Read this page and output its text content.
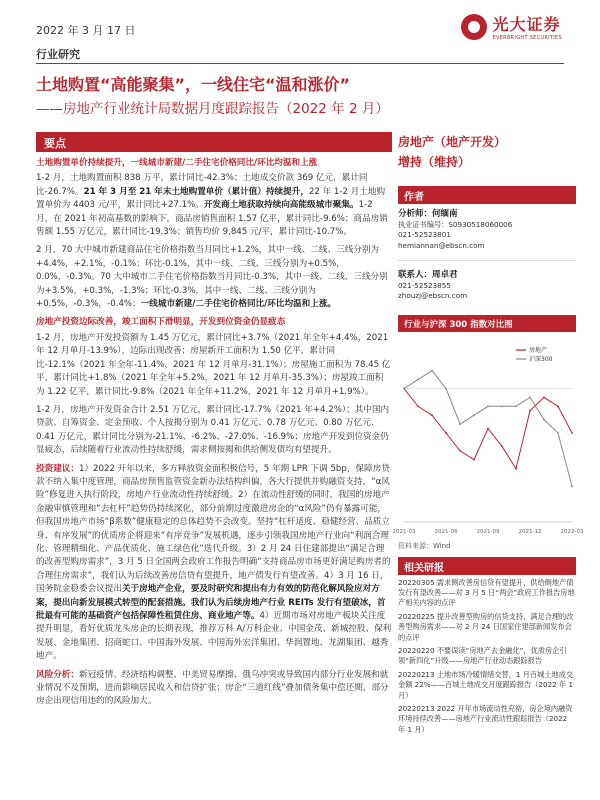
2022 年 3 月 17 日	光大证券
EVERBRIGHT SECURITIES
行业研究
土地购置“高能聚集”，一线住宅“温和涨价”
——房地产行业统计局数据月度跟踪报告（2022 年 2 月）
要点
土地购置单价持续提升，一线城市新建/二手住宅价格同比/环比均温和上涨

1-2 月，土地购置面积 838 万平，累计同比-42.3%；土地成交价款 369 亿元，累计同比-26.7%。21 年 3 月至 21 年末土地购置单价（累计值）持续提升，22 年 1-2 月土地购置单价为 4403 元/平，累计同比+27.1%。开发商土地获取持续向高能级城市聚集。1-2 月，在 2021 年初高基数的影响下，商品房销售面积 1.57 亿平，累计同比-9.6%；商品房销售额 1.55 万亿元，累计同比-19.3%；销售均价 9,845 元/平，累计同比-10.7%。

2 月，70 大中城市新建商品住宅价格指数当月同比+1.2%，其中一线、二线、三线分别为+4.4%，+2.1%，-0.1%；环比-0.1%，其中一线、二线、三线分别为+0.5%，0.0%，-0.3%。70 大中城市二手住宅价格指数当月同比-0.3%，其中一线、二线、三线分别为+3.5%，+0.3%，-1.3%；环比-0.3%，其中一线、二线、三线分别为+0.5%，-0.3%，-0.4%；一线城市新建/二手住宅价格同比/环比均温和上涨。

房地产投资边际改善，竣工面积下滑明显，开发到位资金仍显疲态

1-2 月，房地产开发投资额为 1.45 万亿元，累计同比+3.7%（2021 年全年+4.4%，2021 年 12 月单月-13.9%），边际出现改善；房屋新开工面积为 1.50 亿平，累计同比-12.1%（2021 年全年-11.4%，2021 年 12 月单月-31.1%）；房屋施工面积为 78.45 亿平，累计同比+1.8%（2021 年全年+5.2%，2021 年 12 月单月-35.3%）；房屋竣工面积为 1.22 亿平，累计同比-9.8%（2021 年全年+11.2%，2021 年 12 月单月+1.9%）。

1-2 月，房地产开发资金合计 2.51 万亿元，累计同比-17.7%（2021 年+4.2%）；其中国内贷款、自筹资金、定金预收、个人按揭分别为 0.41 万亿元、0.78 万亿元、0.80 万亿元、0.41 万亿元，累计同比分别为-21.1%、-6.2%、-27.0%、-16.9%；房地产开发到位资金仍显疲态，后续随着行业流动性持续舒缓，需求侧按揭和供给侧发债均有望提升。

投资建议：1）2022 开年以来，多方释放资金面积极信号，5 年期 LPR 下调 5bp，保障房贷款不纳入集中度管理，商品房预售监管资金新办法结构纠偏，各大行提供并购融资支持，“α风险”修复进入执行阶段，房地产行业流动性持续舒缓。2）在流动性舒缓的同时，我国的房地产金融审慎管理和“去杠杆”趋势仍持续深化，部分前期过度激进房企的“α风险”仍有暴露可能，但我国房地产市场“β系数”健康稳定的总体趋势不会改变。坚持“杠杆适度、稳健经营、品质立身、有序发展”的优质房企将迎来“有序竞争”发展机遇，逐步引领我国房地产行业向“利润合理化、管理精细化、产品优质化、施工绿色化”迭代升级。3）2 月 24 日住建部提出“满足合理的改善型购房需求”，3 月 5 日全国两会政府工作报告明确“支持商品房市场更好满足购房者的合理住房需求”，我们认为后续改善房信贷有望提升，地产债发行有望改善。4）3 月 16 日，国务院金稳委会议提出关于房地产企业，要及时研究和提出有力有效的防范化解风险应对方案，提出向新发展模式转型的配套措施。我们认为后续房地产行业 REITs 发行有望破冰，首批最有可能的基础资产包括保障性租赁住房、商业地产等。4）近期市场对房地产板块关注度提升明显，看好优质龙头房企的长期表现，推荐万科 A/万科企业、中国金茂、新城控股、保利发展、金地集团、招商蛇口、中国海外发展、中国海外宏洋集团、华润置地、龙湖集团、越秀地产。

风险分析：新冠疫情、经济结构调整、中美贸易摩擦、俄乌冲突或导致国内部分行业发展和就业情况不及预期，进而影响居民收入和信贷扩张；房企“三道红线”叠加债务集中偿还期，部分房企出现信用违约的风险加大。

房地产（地产开发）
增持（维持）
作者
分析师：何缅南
执业证书编号：S0930518060006
021-52523801
hemiannan@ebscn.com
联系人：周卓君
021-52523855
zhouzj@ebscn.com
行业与沪深 300 指数对比图
2021-03	2021-06	2021-09	2021-12	2022-03
房地产
沪深300
资料来源：Wind
相关研报
20220305 需求侧改善房信贷有望提升，供给侧地产债发行有望改善——对 3 月 5 日“两会”政府工作报告房地产相关内容的点评
20220225 提升改善型购房的信贷支持，满足合理的改善型购房需求——对 2 月 24 日国家住建部新闻发布会的点评
20220220 不要误读“房地产去金融化”，优质房企引领“新四化”升级——房地产行业动态跟踪报告
20220213 土地市场冷暖情绪交替，1 月百城土地成交金额 22%——百城土地成交月度跟踪报告（2022 年 1 月）
20220213 2022 开年市场流动性充裕，房企境内融资环境持续改善——房地产行业流动性跟踪报告（2022 年 1 月）
